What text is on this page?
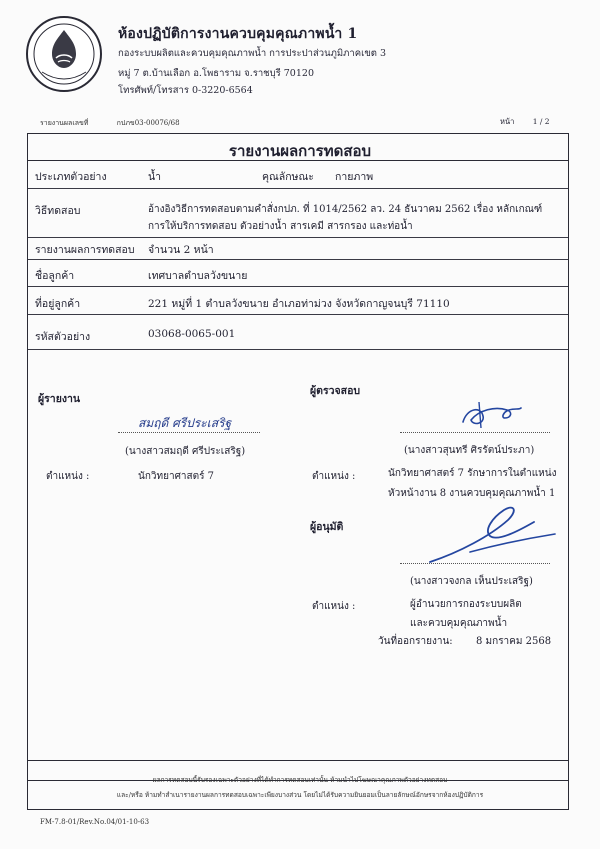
ห้องปฏิบัติการงานควบคุมคุณภาพน้ำ 1
กองระบบผลิตและควบคุมคุณภาพน้ำ การประปาส่วนภูมิภาคเขต 3
หมู่ 7 ต.บ้านเลือก อ.โพธาราม จ.ราชบุรี 70120
โทรศัพท์/โทรสาร 0-3220-6564
รายงานผลเลขที่	กปภข03-00076/68	หน้า 1 / 2
รายงานผลการทดสอบ
ประเภทตัวอย่าง	น้ำ	คุณลักษณะ กายภาพ
วิธีทดสอบ	อ้างอิงวิธีการทดสอบตามคำสั่งกปภ. ที่ 1014/2562 ลว. 24 ธันวาคม 2562 เรื่อง หลักเกณฑ์
การให้บริการทดสอบ ตัวอย่างน้ำ สารเคมี สารกรอง และท่อน้ำ
รายงานผลการทดสอบ จำนวน 2 หน้า
ชื่อลูกค้า	เทศบาลตำบลวังขนาย
ที่อยู่ลูกค้า	221 หมู่ที่ 1 ตำบลวังขนาย อำเภอท่าม่วง จังหวัดกาญจนบุรี 71110
รหัสตัวอย่าง	03068-0065-001
ผู้รายงาน
สมฤดี ศรีประเสริฐ
(นางสาวสมฤดี ศรีประเสริฐ)
ตำแหน่ง :	นักวิทยาศาสตร์ 7
ผู้ตรวจสอบ
(นางสาวสุนทรี ศิรรัตน์ประภา)
ตำแหน่ง :	นักวิทยาศาสตร์ 7 รักษาการในตำแหน่ง
หัวหน้างาน 8 งานควบคุมคุณภาพน้ำ 1
ผู้อนุมัติ
(นางสาวจงกล เห็นประเสริฐ)
ตำแหน่ง :	ผู้อำนวยการกองระบบผลิต
และควบคุมคุณภาพน้ำ
วันที่ออกรายงาน: 8 มกราคม 2568
ผลการทดสอบนี้รับรองเฉพาะตัวอย่างที่ได้ทำการทดสอบเท่านั้น ห้ามนำไปโฆษณาคุณภาพตัวอย่างทดสอบ
และ/หรือ ห้ามทำสำเนารายงานผลการทดสอบเฉพาะเพียงบางส่วน โดยไม่ได้รับความยินยอมเป็นลายลักษณ์อักษรจากห้องปฏิบัติการ
FM-7.8-01/Rev.No.04/01-10-63
